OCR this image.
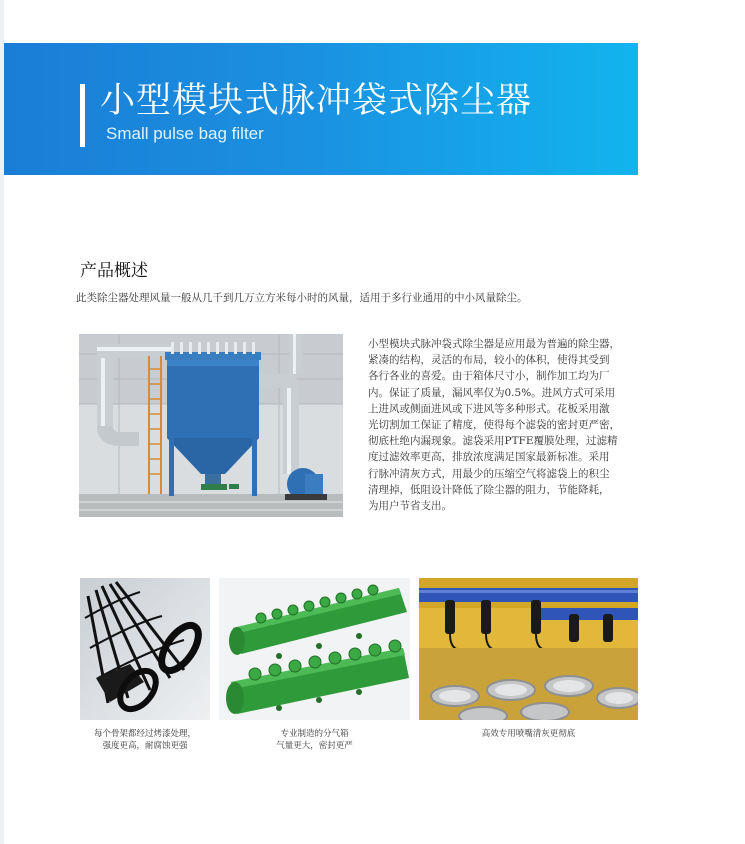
小型模块式脉冲袋式除尘器
Small pulse bag filter
产品概述
此类除尘器处理风量一般从几千到几万立方米每小时的风量，适用于多行业通用的中小风量除尘。
小型模块式脉冲袋式除尘器是应用最为普遍的除尘器，
紧凑的结构，灵活的布局，较小的体积，使得其受到
各行各业的喜爱。由于箱体尺寸小，制作加工均为厂
内。保证了质量，漏风率仅为0.5%。进风方式可采用
上进风或侧面进风或下进风等多种形式。花板采用激
光切割加工保证了精度，使得每个滤袋的密封更严密，
彻底杜绝内漏现象。滤袋采用PTFE覆膜处理，过滤精
度过滤效率更高，排放浓度满足国家最新标准。采用
行脉冲清灰方式，用最少的压缩空气将滤袋上的积尘
清理掉，低阻设计降低了除尘器的阻力，节能降耗，
为用户节省支出。
每个骨架都经过烤漆处理，
强度更高，耐腐蚀更强
专业制造的分气箱
气量更大，密封更严
高效专用喷嘴清灰更彻底
